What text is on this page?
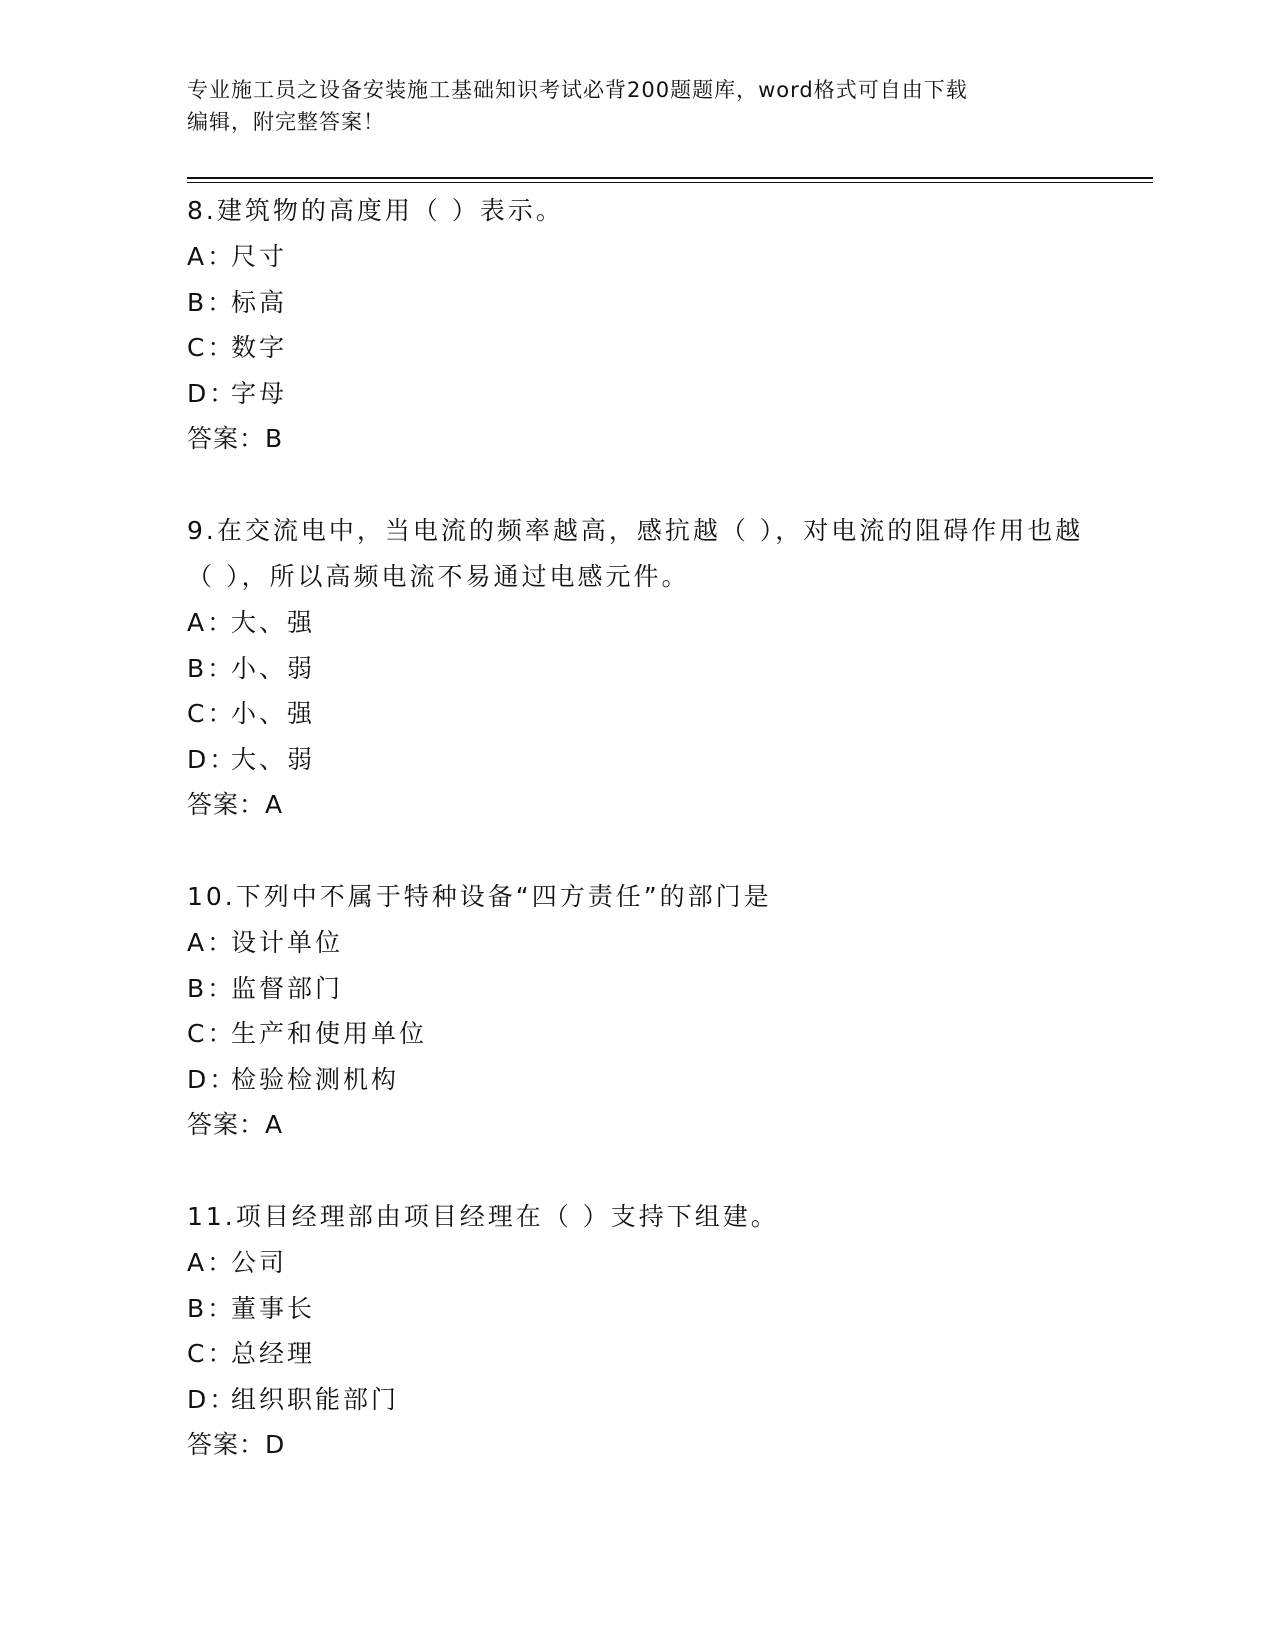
专业施工员之设备安装施工基础知识考试必背200题题库，word格式可自由下载
编辑，附完整答案！
8.建筑物的高度用（ ）表示。
A：
尺寸
B：
标高
C：
数字
D：
字母
答案：B
9.在交流电中，当电流的频率越高，感抗越（ ），对电流的阻碍作用也越（ ），所以高频电流不易通过电感元件。
A：
大、强
B：
小、弱
C：
小、强
D：
大、弱
答案：A
10.下列中不属于特种设备“四方责任”的部门是
A：
设计单位
B：
监督部门
C：
生产和使用单位
D：
检验检测机构
答案：A
11.项目经理部由项目经理在（ ）支持下组建。
A：
公司
B：
董事长
C：
总经理
D：
组织职能部门
答案：D
